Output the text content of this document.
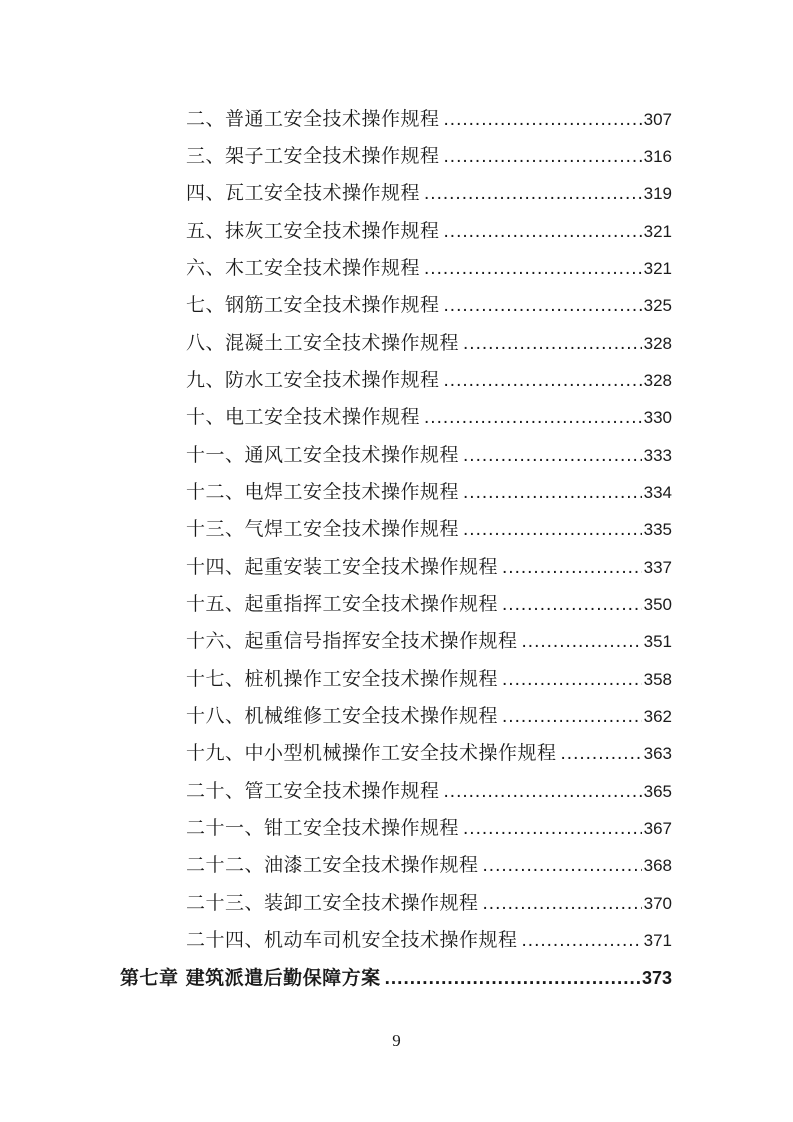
二、普通工安全技术操作规程 .....	307
三、架子工安全技术操作规程 .....	316
四、瓦工安全技术操作规程 .....	319
五、抹灰工安全技术操作规程 .....	321
六、木工安全技术操作规程 .....	321
七、钢筋工安全技术操作规程 .....	325
八、混凝土工安全技术操作规程 .....	328
九、防水工安全技术操作规程 .....	328
十、电工安全技术操作规程 .....	330
十一、通风工安全技术操作规程 .....	333
十二、电焊工安全技术操作规程 .....	334
十三、气焊工安全技术操作规程 .....	335
十四、起重安装工安全技术操作规程 .....	337
十五、起重指挥工安全技术操作规程 .....	350
十六、起重信号指挥安全技术操作规程 .....	351
十七、桩机操作工安全技术操作规程 .....	358
十八、机械维修工安全技术操作规程 .....	362
十九、中小型机械操作工安全技术操作规程 .....	363
二十、管工安全技术操作规程 .....	365
二十一、钳工安全技术操作规程 .....	367
二十二、油漆工安全技术操作规程 .....	368
二十三、装卸工安全技术操作规程 .....	370
二十四、机动车司机安全技术操作规程 .....	371
第七章 建筑派遣后勤保障方案 .....	373
9
